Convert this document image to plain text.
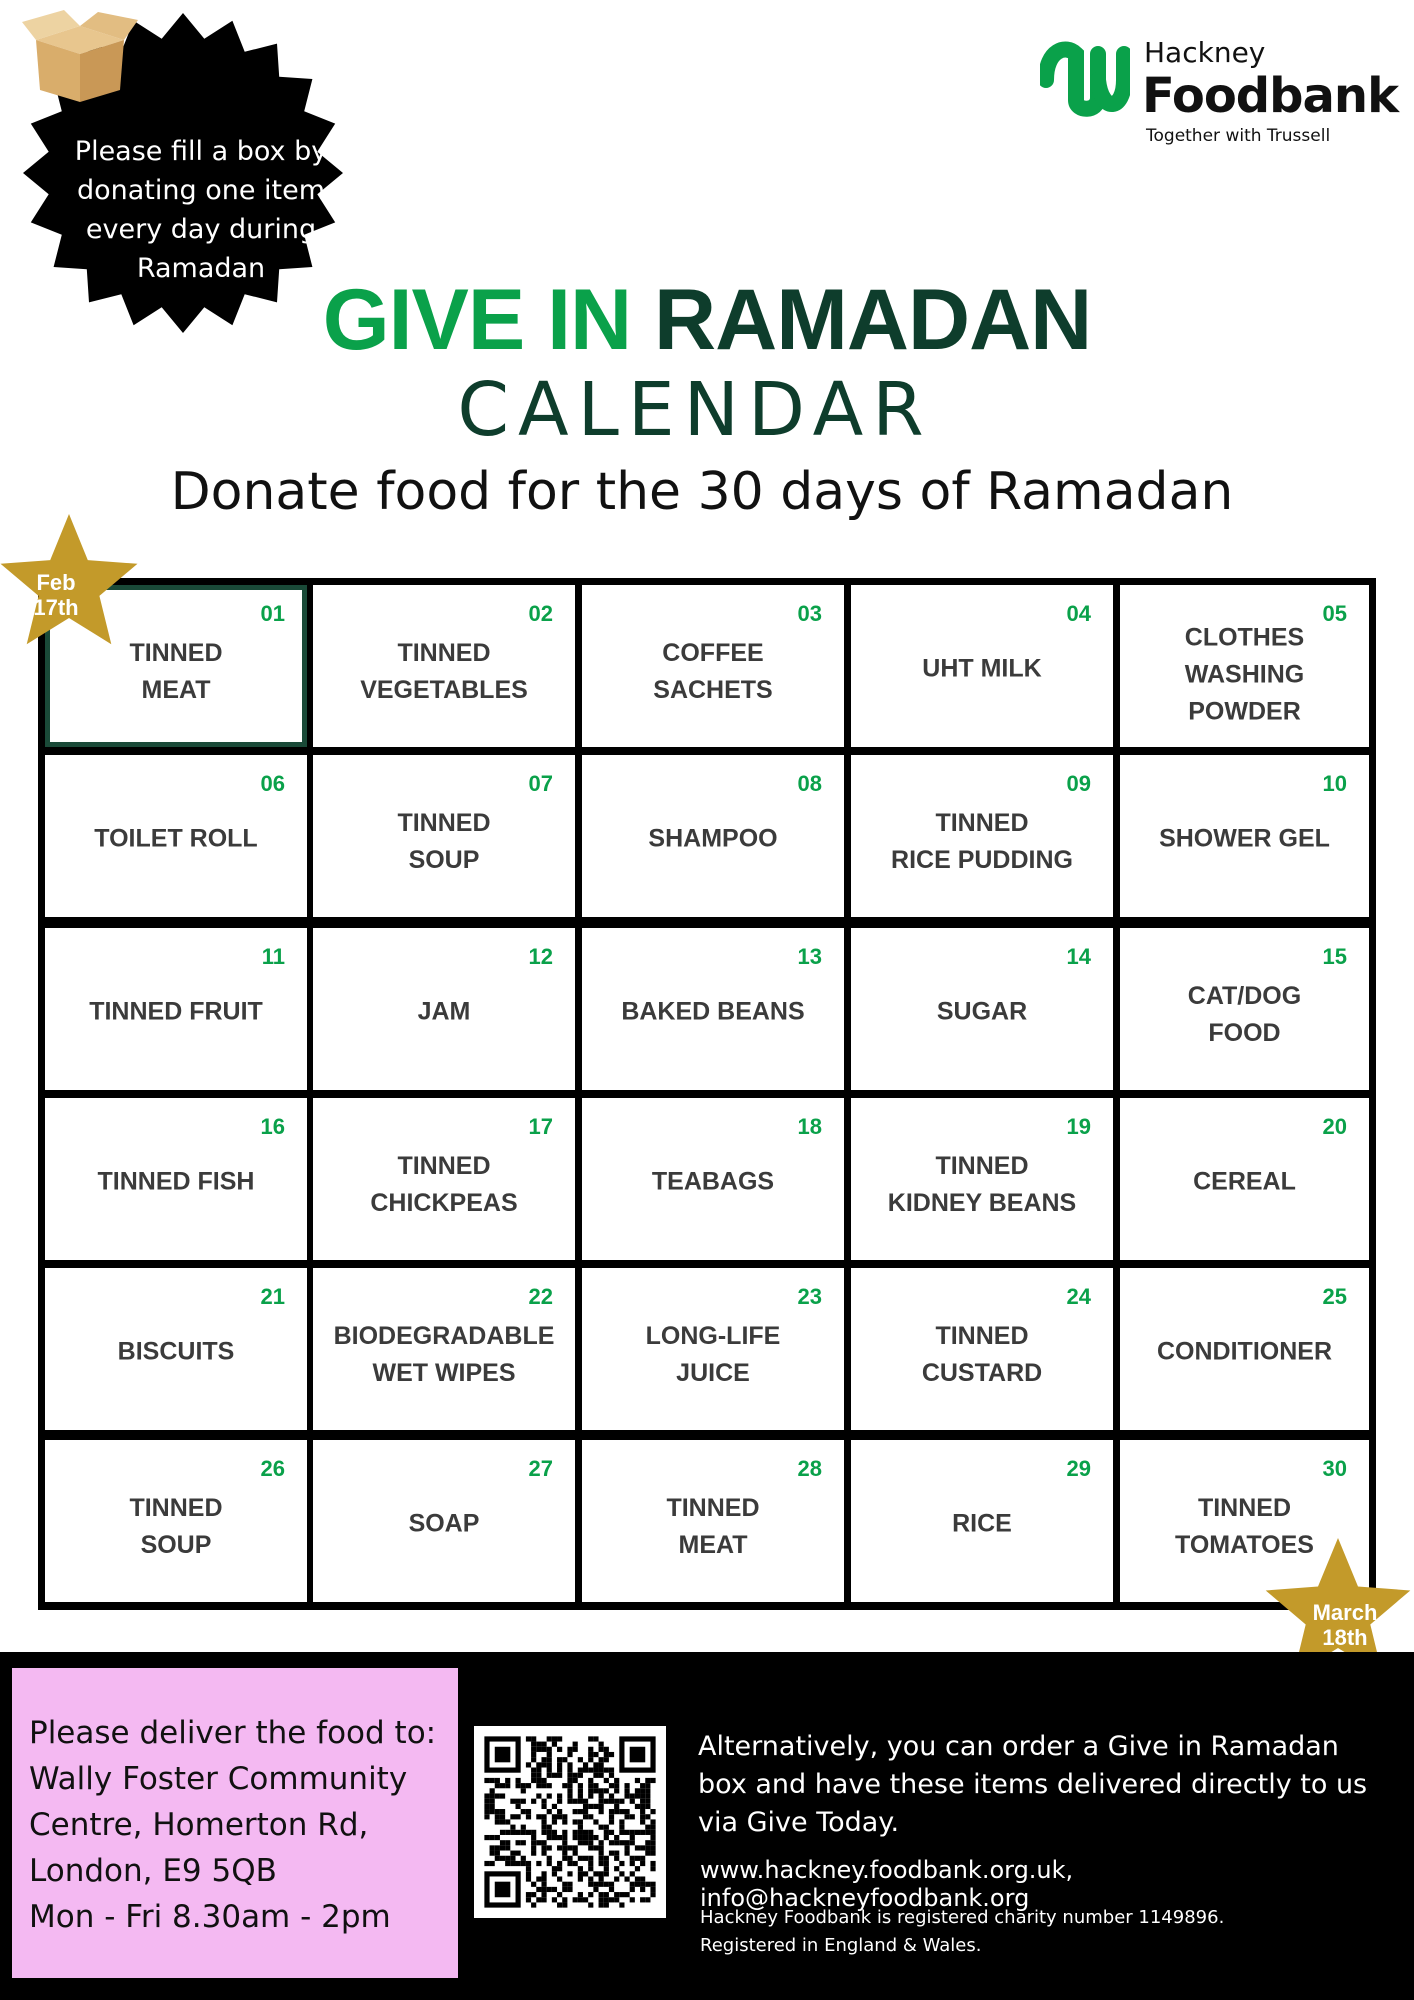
Please fill a box by donating one item every day during Ramadan
Hackney
Foodbank
Together with Trussell
GIVE IN RAMADAN
CALENDAR
Donate food for the 30 days of Ramadan
01
TINNED
MEAT
02
TINNED
VEGETABLES
03
COFFEE
SACHETS
04
UHT MILK
05
CLOTHES
WASHING
POWDER
06
TOILET ROLL
07
TINNED
SOUP
08
SHAMPOO
09
TINNED
RICE PUDDING
10
SHOWER GEL
11
TINNED FRUIT
12
JAM
13
BAKED BEANS
14
SUGAR
15
CAT/DOG
FOOD
16
TINNED FISH
17
TINNED
CHICKPEAS
18
TEABAGS
19
TINNED
KIDNEY BEANS
20
CEREAL
21
BISCUITS
22
BIODEGRADABLE
WET WIPES
23
LONG-LIFE
JUICE
24
TINNED
CUSTARD
25
CONDITIONER
26
TINNED
SOUP
27
SOAP
28
TINNED
MEAT
29
RICE
30
TINNED
TOMATOES
Feb
17th
March
18th
Please deliver the food to:
Wally Foster Community
Centre, Homerton Rd,
London, E9 5QB
Mon - Fri 8.30am - 2pm
Alternatively, you can order a Give in Ramadan box and have these items delivered directly to us via Give Today.
www.hackney.foodbank.org.uk, info@hackneyfoodbank.org
Hackney Foodbank is registered charity number 1149896.
Registered in England & Wales.
